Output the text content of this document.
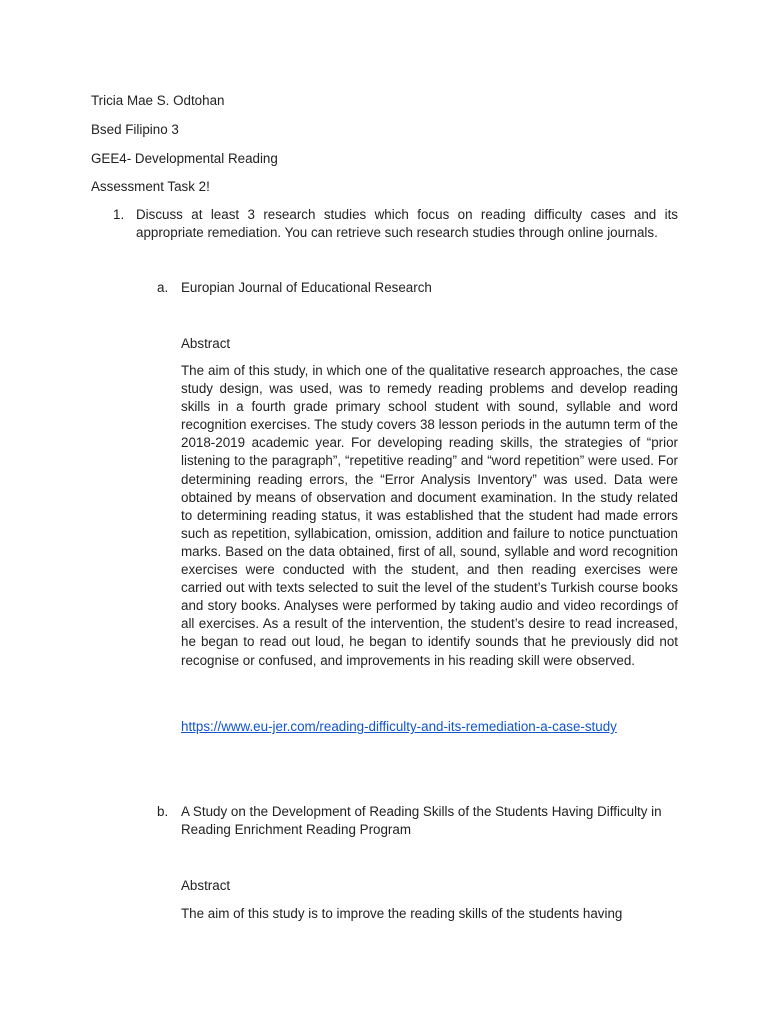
Tricia Mae S. Odtohan
Bsed Filipino 3
GEE4- Developmental Reading
Assessment Task 2!
1. Discuss at least 3 research studies which focus on reading difficulty cases and its appropriate remediation. You can retrieve such research studies through online journals.
a. Europian Journal of Educational Research
Abstract
The aim of this study, in which one of the qualitative research approaches, the case study design, was used, was to remedy reading problems and develop reading skills in a fourth grade primary school student with sound, syllable and word recognition exercises. The study covers 38 lesson periods in the autumn term of the 2018-2019 academic year. For developing reading skills, the strategies of “prior listening to the paragraph”, “repetitive reading” and “word repetition” were used. For determining reading errors, the “Error Analysis Inventory” was used. Data were obtained by means of observation and document examination. In the study related to determining reading status, it was established that the student had made errors such as repetition, syllabication, omission, addition and failure to notice punctuation marks. Based on the data obtained, first of all, sound, syllable and word recognition exercises were conducted with the student, and then reading exercises were carried out with texts selected to suit the level of the student’s Turkish course books and story books. Analyses were performed by taking audio and video recordings of all exercises. As a result of the intervention, the student’s desire to read increased, he began to read out loud, he began to identify sounds that he previously did not recognise or confused, and improvements in his reading skill were observed.
https://www.eu-jer.com/reading-difficulty-and-its-remediation-a-case-study
b. A Study on the Development of Reading Skills of the Students Having Difficulty in Reading Enrichment Reading Program
Abstract
The aim of this study is to improve the reading skills of the students having
